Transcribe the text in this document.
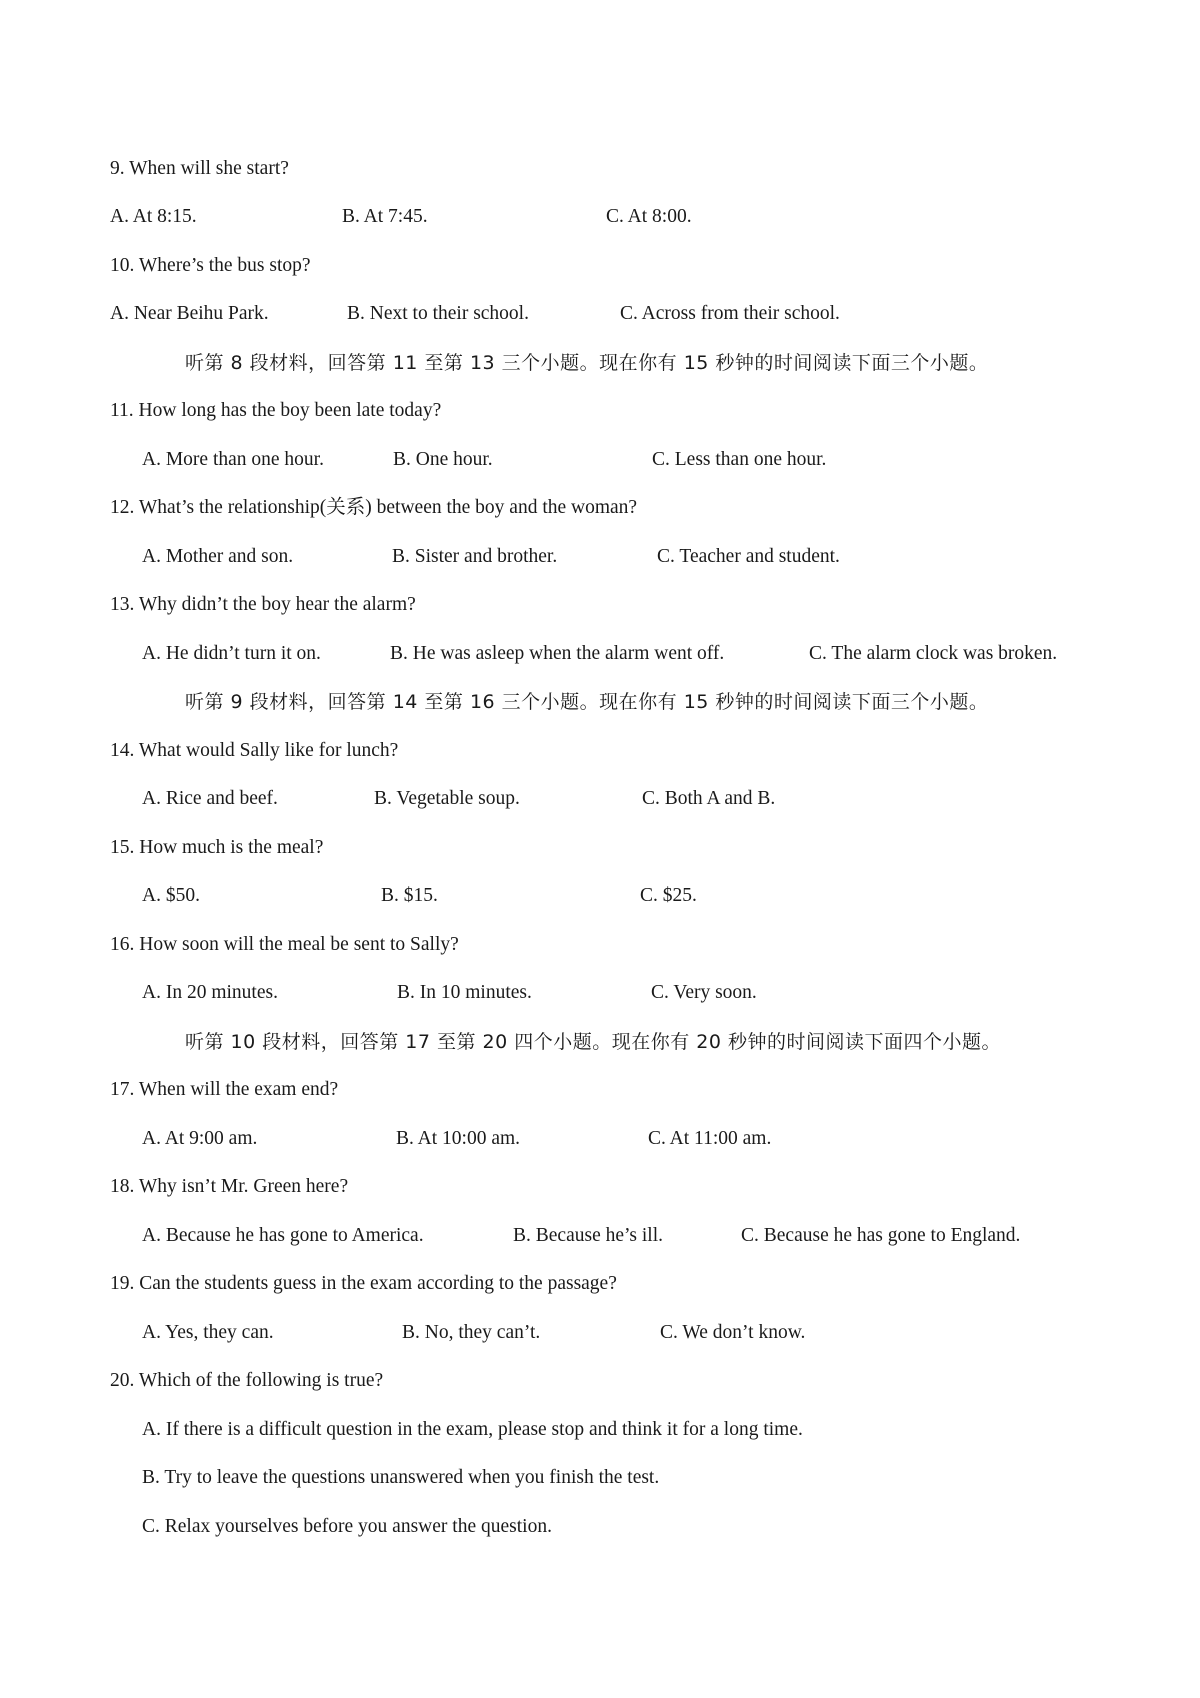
9. When will she start?
A. At 8:15.	B. At 7:45.	C. At 8:00.
10. Where’s the bus stop?
A. Near Beihu Park.	B. Next to their school.	C. Across from their school.
听第 8 段材料，回答第 11 至第 13 三个小题。现在你有 15 秒钟的时间阅读下面三个小题。
11. How long has the boy been late today?
A. More than one hour.	B. One hour.	C. Less than one hour.
12. What’s the relationship(关系) between the boy and the woman?
A. Mother and son.	B. Sister and brother.	C. Teacher and student.
13. Why didn’t the boy hear the alarm?
A. He didn’t turn it on.	B. He was asleep when the alarm went off.	C. The alarm clock was broken.
听第 9 段材料，回答第 14 至第 16 三个小题。现在你有 15 秒钟的时间阅读下面三个小题。
14. What would Sally like for lunch?
A. Rice and beef.	B. Vegetable soup.	C. Both A and B.
15. How much is the meal?
A. $50.	B. $15.	C. $25.
16. How soon will the meal be sent to Sally?
A. In 20 minutes.	B. In 10 minutes.	C. Very soon.
听第 10 段材料，回答第 17 至第 20 四个小题。现在你有 20 秒钟的时间阅读下面四个小题。
17. When will the exam end?
A. At 9:00 am.	B. At 10:00 am.	C. At 11:00 am.
18. Why isn’t Mr. Green here?
A. Because he has gone to America.	B. Because he’s ill.	C. Because he has gone to England.
19. Can the students guess in the exam according to the passage?
A. Yes, they can.	B. No, they can’t.	C. We don’t know.
20. Which of the following is true?
A. If there is a difficult question in the exam, please stop and think it for a long time.
B. Try to leave the questions unanswered when you finish the test.
C. Relax yourselves before you answer the question.
